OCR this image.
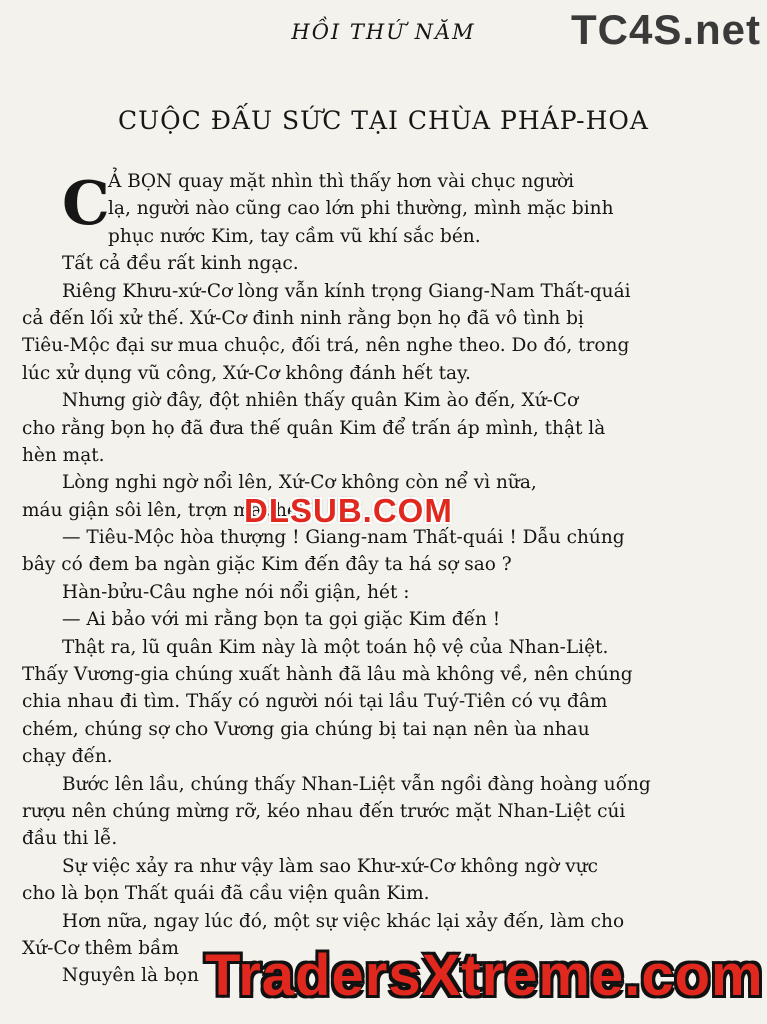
HỒI THỨ NĂM	TC4S.net
CUỘC ĐẤU SỨC TẠI CHÙA PHÁP-HOA
C
Ả BỌN quay mặt nhìn thì thấy hơn vài chục người
lạ, người nào cũng cao lớn phi thường, mình mặc binh
phục nước Kim, tay cầm vũ khí sắc bén.
Tất cả đều rất kinh ngạc.
Riêng Khưu-xứ-Cơ lòng vẫn kính trọng Giang-Nam Thất-quái
cả đến lối xử thế. Xứ-Cơ đinh ninh rằng bọn họ đã vô tình bị
Tiêu-Mộc đại sư mua chuộc, đối trá, nên nghe theo. Do đó, trong
lúc xử dụng vũ công, Xứ-Cơ không đánh hết tay.
Nhưng giờ đây, đột nhiên thấy quân Kim ào đến, Xứ-Cơ
cho rằng bọn họ đã đưa thế quân Kim để trấn áp mình, thật là
hèn mạt.
Lòng nghi ngờ nổi lên, Xứ-Cơ không còn nể vì nữa,
máu giận sôi lên, trợn mắt hét :
— Tiêu-Mộc hòa thượng ! Giang-nam Thất-quái ! Dẫu chúng
bây có đem ba ngàn giặc Kim đến đây ta há sợ sao ?
Hàn-bửu-Câu nghe nói nổi giận, hét :
— Ai bảo với mi rằng bọn ta gọi giặc Kim đến !
Thật ra, lũ quân Kim này là một toán hộ vệ của Nhan-Liệt.
Thấy Vương-gia chúng xuất hành đã lâu mà không về, nên chúng
chia nhau đi tìm. Thấy có người nói tại lầu Tuý-Tiên có vụ đâm
chém, chúng sợ cho Vương gia chúng bị tai nạn nên ùa nhau
chạy đến.
Bước lên lầu, chúng thấy Nhan-Liệt vẫn ngồi đàng hoàng uống
rượu nên chúng mừng rỡ, kéo nhau đến trước mặt Nhan-Liệt cúi
đầu thi lễ.
Sự việc xảy ra như vậy làm sao Khư-xứ-Cơ không ngờ vực
cho là bọn Thất quái đã cầu viện quân Kim.
Hơn nữa, ngay lúc đó, một sự việc khác lại xảy đến, làm cho
Xứ-Cơ thêm bầm
Nguyên là bọn
DLSUB.COM
TradersXtreme.com
